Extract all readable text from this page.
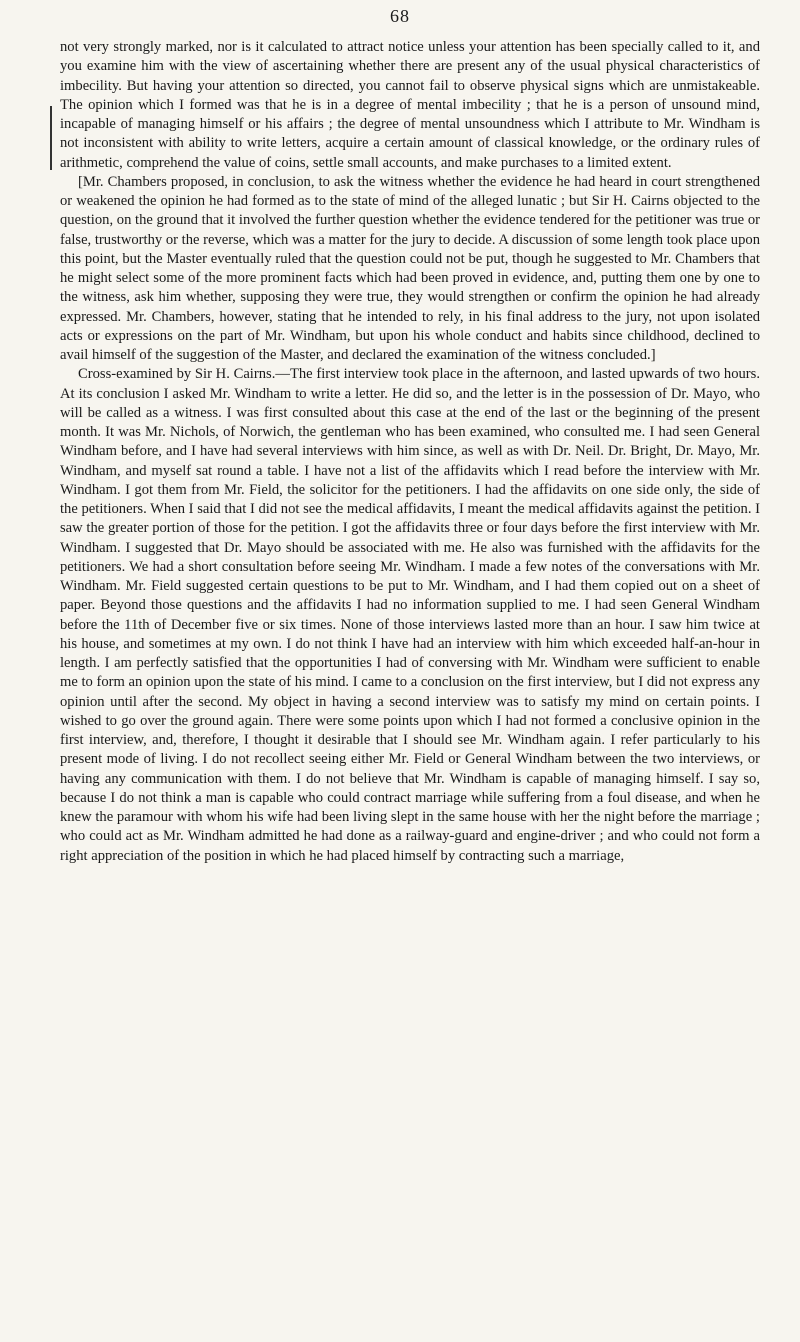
68

not very strongly marked, nor is it calculated to attract notice unless your attention has been specially called to it, and you examine him with the view of ascertaining whether there are present any of the usual physical characteristics of imbecility. But having your attention so directed, you cannot fail to observe physical signs which are unmistakeable. The opinion which I formed was that he is in a degree of mental imbecility ; that he is a person of unsound mind, incapable of managing himself or his affairs ; the degree of mental unsoundness which I attribute to Mr. Windham is not inconsistent with ability to write letters, acquire a certain amount of classical knowledge, or the ordinary rules of arithmetic, comprehend the value of coins, settle small accounts, and make purchases to a limited extent.

[Mr. Chambers proposed, in conclusion, to ask the witness whether the evidence he had heard in court strengthened or weakened the opinion he had formed as to the state of mind of the alleged lunatic ; but Sir H. Cairns objected to the question, on the ground that it involved the further question whether the evidence tendered for the petitioner was true or false, trustworthy or the reverse, which was a matter for the jury to decide. A discussion of some length took place upon this point, but the Master eventually ruled that the question could not be put, though he suggested to Mr. Chambers that he might select some of the more prominent facts which had been proved in evidence, and, putting them one by one to the witness, ask him whether, supposing they were true, they would strengthen or confirm the opinion he had already expressed. Mr. Chambers, however, stating that he intended to rely, in his final address to the jury, not upon isolated acts or expressions on the part of Mr. Windham, but upon his whole conduct and habits since childhood, declined to avail himself of the suggestion of the Master, and declared the examination of the witness concluded.]

Cross-examined by Sir H. Cairns.—The first interview took place in the afternoon, and lasted upwards of two hours. At its conclusion I asked Mr. Windham to write a letter. He did so, and the letter is in the possession of Dr. Mayo, who will be called as a witness. I was first consulted about this case at the end of the last or the beginning of the present month. It was Mr. Nichols, of Norwich, the gentleman who has been examined, who consulted me. I had seen General Windham before, and I have had several interviews with him since, as well as with Dr. Neil. Dr. Bright, Dr. Mayo, Mr. Windham, and myself sat round a table. I have not a list of the affidavits which I read before the interview with Mr. Windham. I got them from Mr. Field, the solicitor for the petitioners. I had the affidavits on one side only, the side of the petitioners. When I said that I did not see the medical affidavits, I meant the medical affidavits against the petition. I saw the greater portion of those for the petition. I got the affidavits three or four days before the first interview with Mr. Windham. I suggested that Dr. Mayo should be associated with me. He also was furnished with the affidavits for the petitioners. We had a short consultation before seeing Mr. Windham. I made a few notes of the conversations with Mr. Windham. Mr. Field suggested certain questions to be put to Mr. Windham, and I had them copied out on a sheet of paper. Beyond those questions and the affidavits I had no information supplied to me. I had seen General Windham before the 11th of December five or six times. None of those interviews lasted more than an hour. I saw him twice at his house, and sometimes at my own. I do not think I have had an interview with him which exceeded half-an-hour in length. I am perfectly satisfied that the opportunities I had of conversing with Mr. Windham were sufficient to enable me to form an opinion upon the state of his mind. I came to a conclusion on the first interview, but I did not express any opinion until after the second. My object in having a second interview was to satisfy my mind on certain points. I wished to go over the ground again. There were some points upon which I had not formed a conclusive opinion in the first interview, and, therefore, I thought it desirable that I should see Mr. Windham again. I refer particularly to his present mode of living. I do not recollect seeing either Mr. Field or General Windham between the two interviews, or having any communication with them. I do not believe that Mr. Windham is capable of managing himself. I say so, because I do not think a man is capable who could contract marriage while suffering from a foul disease, and when he knew the paramour with whom his wife had been living slept in the same house with her the night before the marriage ; who could act as Mr. Windham admitted he had done as a railway-guard and engine-driver ; and who could not form a right appreciation of the position in which he had placed himself by contracting such a marriage,
